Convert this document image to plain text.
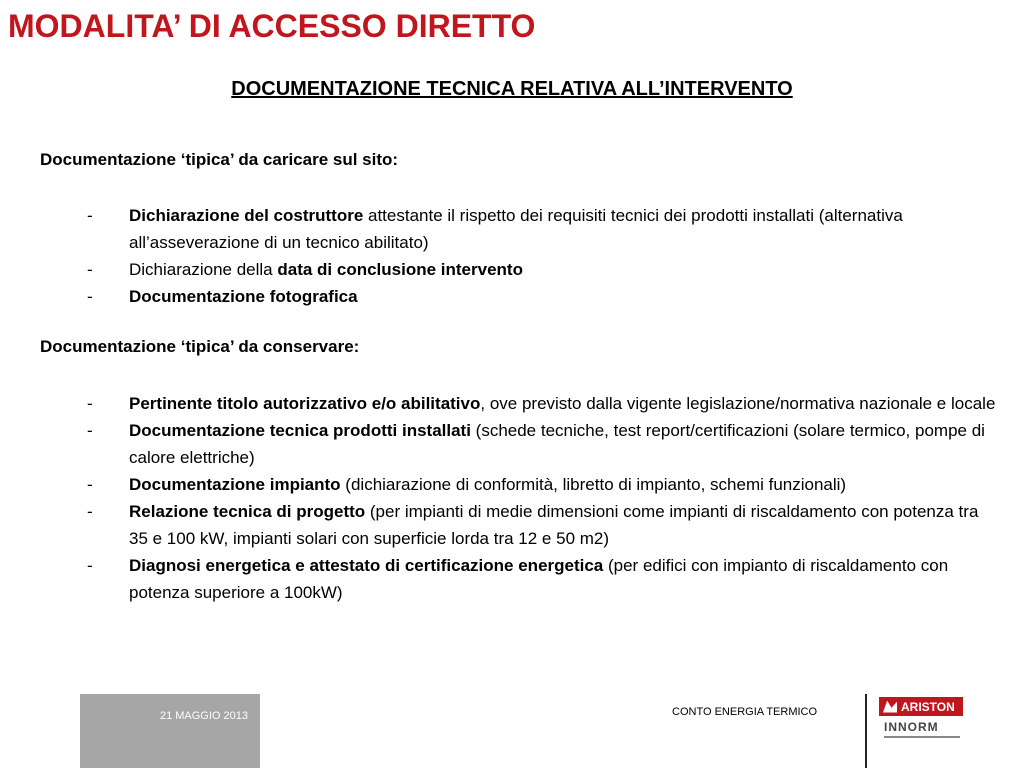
MODALITA’ DI ACCESSO DIRETTO
DOCUMENTAZIONE TECNICA RELATIVA ALL’INTERVENTO

Documentazione ‘tipica’ da caricare sul sito:

- Dichiarazione del costruttore attestante il rispetto dei requisiti tecnici dei prodotti installati (alternativa all’asseverazione di un tecnico abilitato)
- Dichiarazione della data di conclusione intervento
- Documentazione fotografica

Documentazione ‘tipica’ da conservare:

- Pertinente titolo autorizzativo e/o abilitativo, ove previsto dalla vigente legislazione/normativa nazionale e locale
- Documentazione tecnica prodotti installati (schede tecniche, test report/certificazioni (solare termico, pompe di calore elettriche)
- Documentazione impianto (dichiarazione di conformità, libretto di impianto, schemi funzionali)
- Relazione tecnica di progetto (per impianti di medie dimensioni come impianti di riscaldamento con potenza tra 35 e 100 kW, impianti solari con superficie lorda tra 12 e 50 m2)
- Diagnosi energetica e attestato di certificazione energetica (per edifici con impianto di riscaldamento con potenza superiore a 100kW)
21 MAGGIO 2013	CONTO ENERGIA TERMICO	ARISTON
INNORM
